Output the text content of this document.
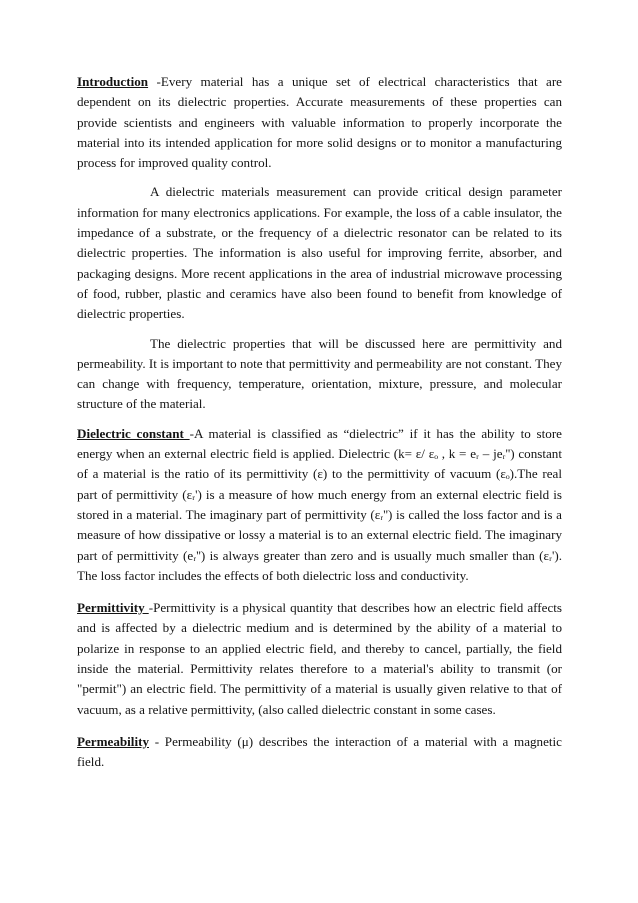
Introduction -Every material has a unique set of electrical characteristics that are dependent on its dielectric properties. Accurate measurements of these properties can provide scientists and engineers with valuable information to properly incorporate the material into its intended application for more solid designs or to monitor a manufacturing process for improved quality control.

A dielectric materials measurement can provide critical design parameter information for many electronics applications. For example, the loss of a cable insulator, the impedance of a substrate, or the frequency of a dielectric resonator can be related to its dielectric properties. The information is also useful for improving ferrite, absorber, and packaging designs. More recent applications in the area of industrial microwave processing of food, rubber, plastic and ceramics have also been found to benefit from knowledge of dielectric properties.

The dielectric properties that will be discussed here are permittivity and permeability. It is important to note that permittivity and permeability are not constant. They can change with frequency, temperature, orientation, mixture, pressure, and molecular structure of the material.

Dielectric constant -A material is classified as “dielectric” if it has the ability to store energy when an external electric field is applied. Dielectric (k= ε/ εₒ , k = eᵣ – jeᵣ'') constant of a material is the ratio of its permittivity (ε) to the permittivity of vacuum (εₒ).The real part of permittivity (εᵣ') is a measure of how much energy from an external electric field is stored in a material. The imaginary part of permittivity (εᵣ'') is called the loss factor and is a measure of how dissipative or lossy a material is to an external electric field. The imaginary part of permittivity (eᵣ'') is always greater than zero and is usually much smaller than (εᵣ'). The loss factor includes the effects of both dielectric loss and conductivity.

Permittivity -Permittivity is a physical quantity that describes how an electric field affects and is affected by a dielectric medium and is determined by the ability of a material to polarize in response to an applied electric field, and thereby to cancel, partially, the field inside the material. Permittivity relates therefore to a material's ability to transmit (or "permit") an electric field. The permittivity of a material is usually given relative to that of vacuum, as a relative permittivity, (also called dielectric constant in some cases.

Permeability - Permeability (μ) describes the interaction of a material with a magnetic field.
